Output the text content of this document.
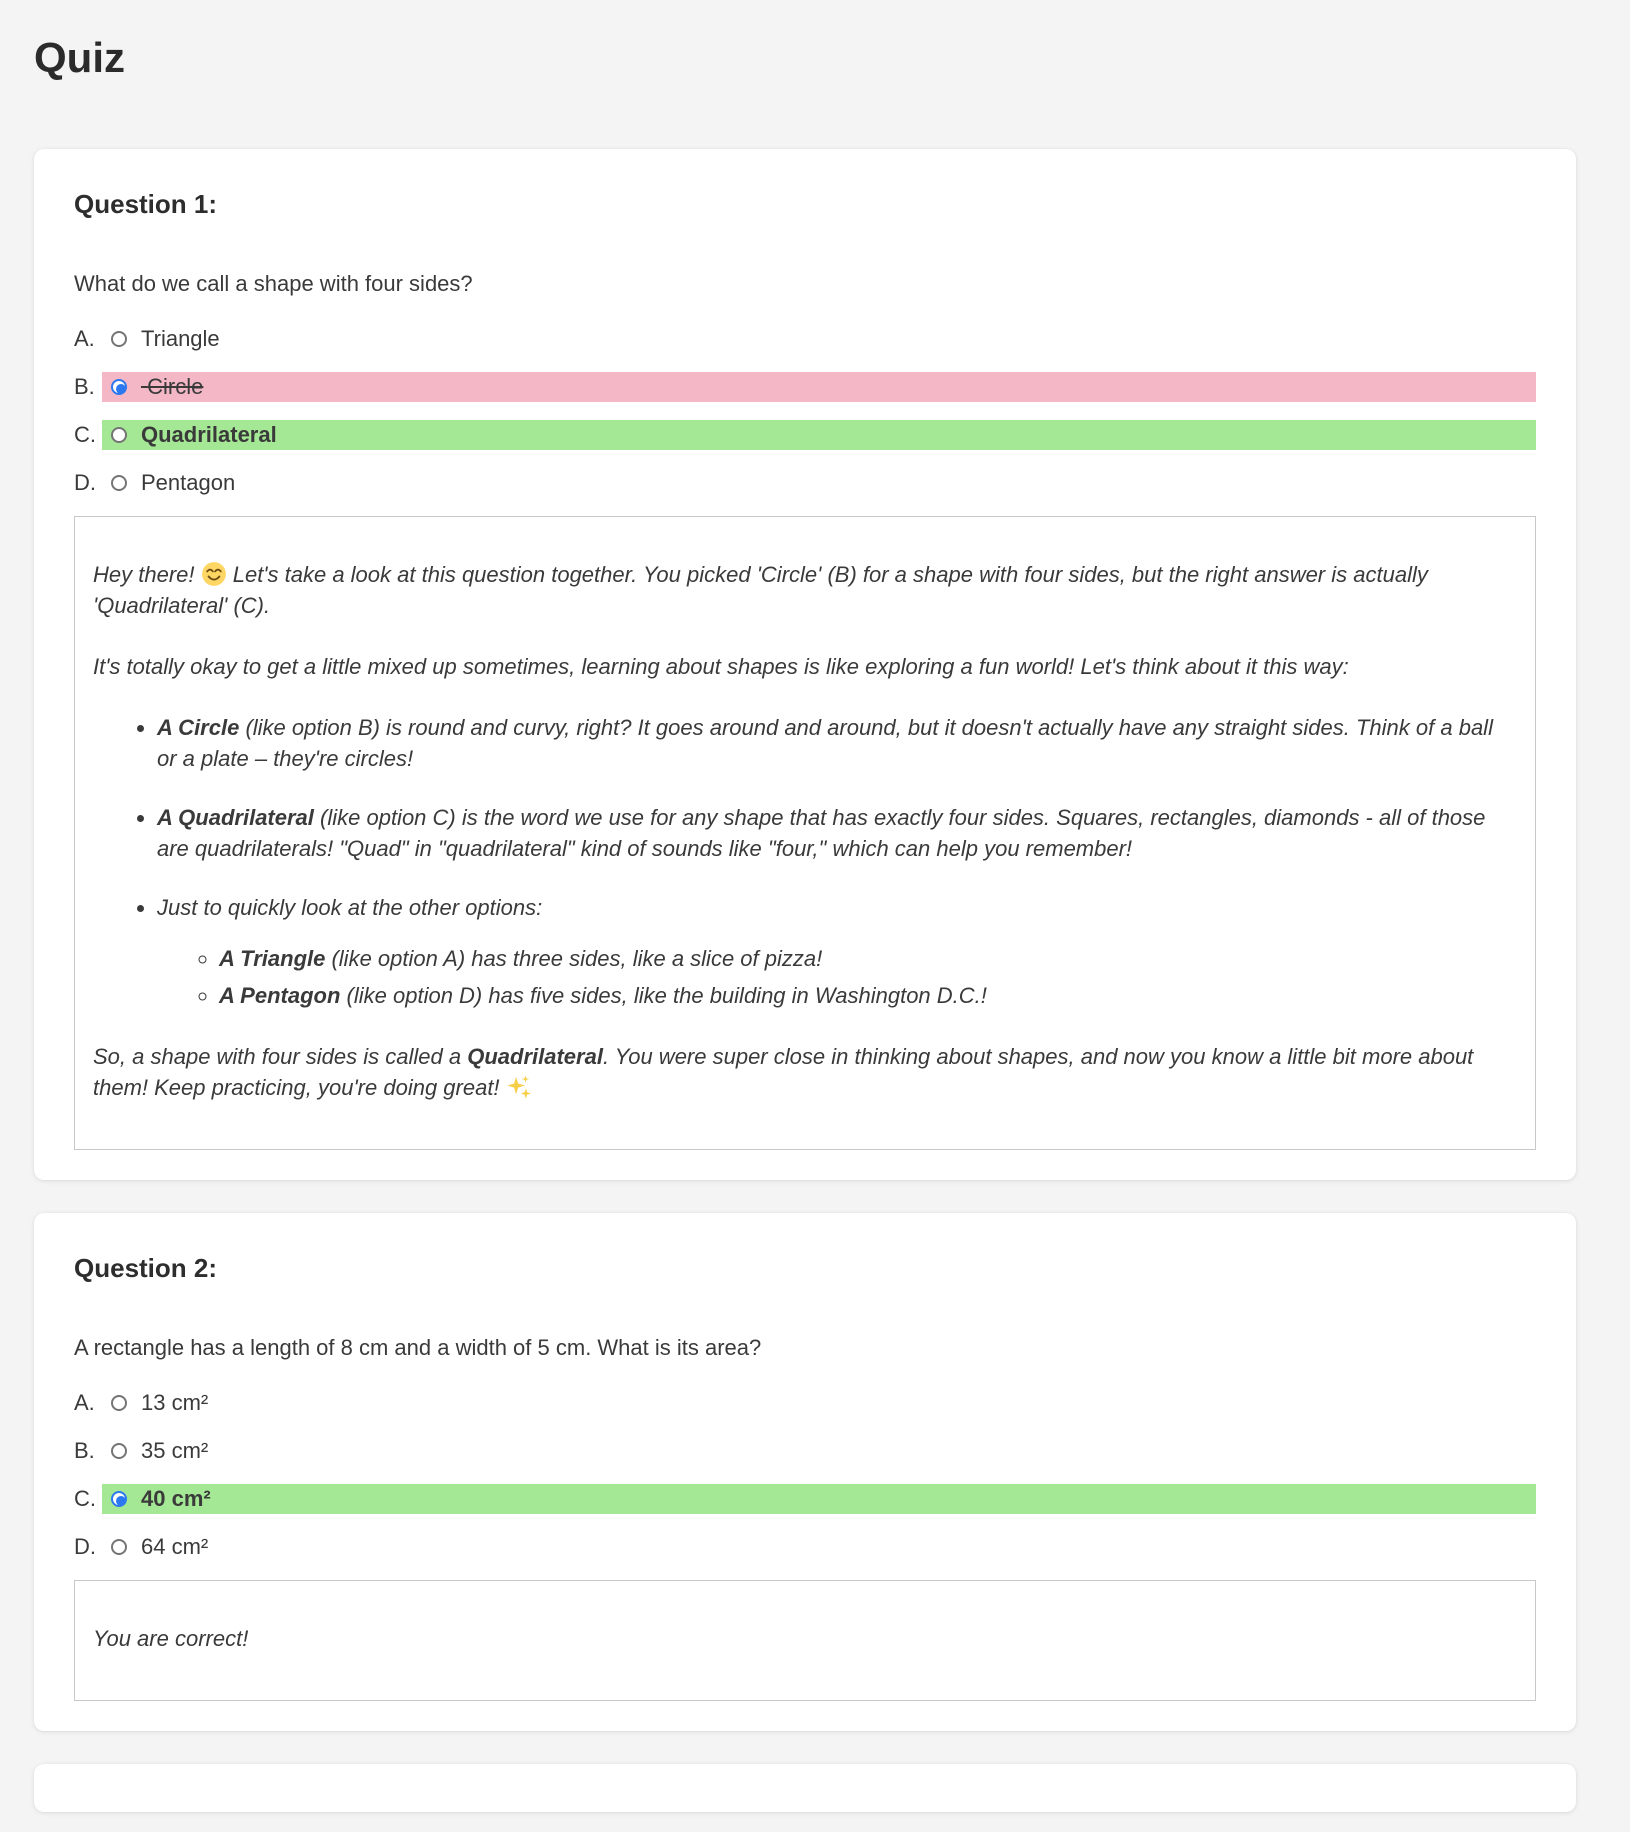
Quiz
Question 1:

What do we call a shape with four sides?

A.	Triangle
B.	Circle
C. Quadrilateral
D. Pentagon

Hey there!  Let's take a look at this question together. You picked 'Circle' (B) for a shape with four sides, but the right answer is actually 'Quadrilateral' (C).

It's totally okay to get a little mixed up sometimes, learning about shapes is like exploring a fun world! Let's think about it this way:

• A Circle (like option B) is round and curvy, right? It goes around and around, but it doesn't actually have any straight sides. Think of a ball or a plate – they're circles!
• A Quadrilateral (like option C) is the word we use for any shape that has exactly four sides. Squares, rectangles, diamonds - all of those are quadrilaterals! "Quad" in "quadrilateral" kind of sounds like "four," which can help you remember!
• Just to quickly look at the other options:
◦ A Triangle (like option A) has three sides, like a slice of pizza!
◦ A Pentagon (like option D) has five sides, like the building in Washington D.C.!

So, a shape with four sides is called a Quadrilateral. You were super close in thinking about shapes, and now you know a little bit more about them! Keep practicing, you're doing great!

Question 2:

A rectangle has a length of 8 cm and a width of 5 cm. What is its area?

A.	13 cm²
B.	35 cm²
C. 40 cm²
D. 64 cm²

You are correct!
